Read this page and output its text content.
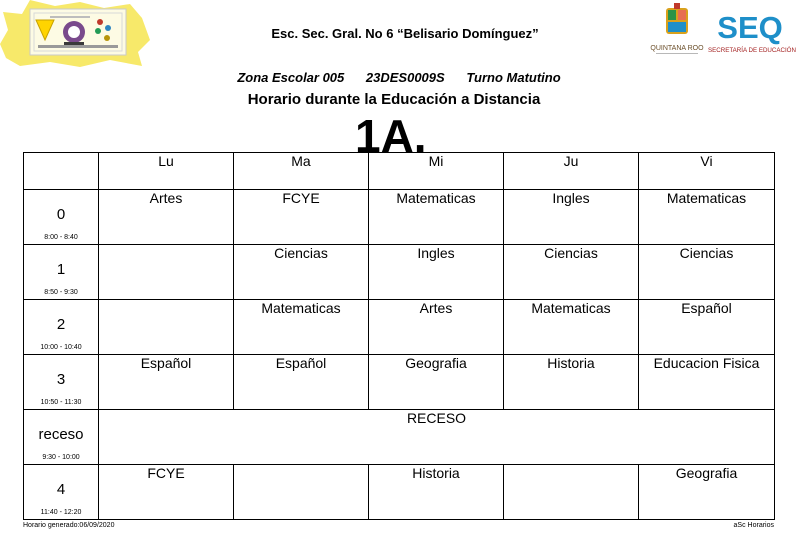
QUINTANA ROO
SEQ
SECRETARÍA DE EDUCACIÓN
Esc. Sec. Gral. No 6 “Belisario Domínguez”
Zona Escolar 005 23DES0009S Turno Matutino
Horario durante la Educación a Distancia
1A.
	Lu	Ma	Mi	Ju	Vi

0
8:00 - 8:40	Artes	FCYE	Matematicas	Ingles	Matematicas

1
8:50 - 9:30		Ciencias	Ingles	Ciencias	Ciencias

2
10:00 - 10:40		Matematicas	Artes	Matematicas	Español

3
10:50 - 11:30	Español	Español	Geografia	Historia	Educacion Fisica

receso
9:30 - 10:00	RECESO				

4
11:40 - 12:20	FCYE		Historia		Geografia
Horario generado:06/09/2020	aSc Horarios
